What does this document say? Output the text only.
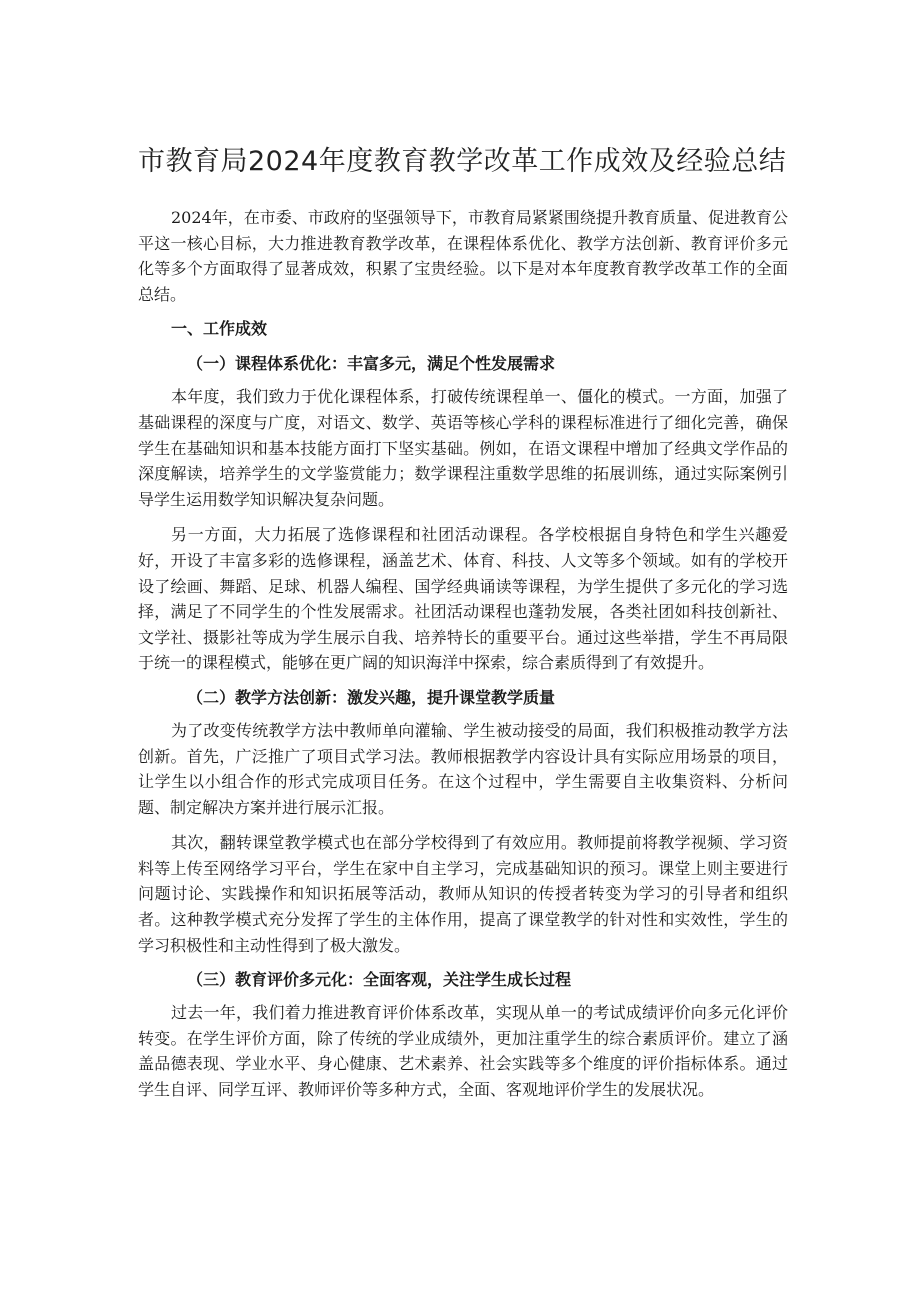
市教育局2024年度教育教学改革工作成效及经验总结

2024年，在市委、市政府的坚强领导下，市教育局紧紧围绕提升教育质量、促进教育公平这一核心目标，大力推进教育教学改革，在课程体系优化、教学方法创新、教育评价多元化等多个方面取得了显著成效，积累了宝贵经验。以下是对本年度教育教学改革工作的全面总结。

一、工作成效
（一）课程体系优化：丰富多元，满足个性发展需求

本年度，我们致力于优化课程体系，打破传统课程单一、僵化的模式。一方面，加强了基础课程的深度与广度，对语文、数学、英语等核心学科的课程标准进行了细化完善，确保学生在基础知识和基本技能方面打下坚实基础。例如，在语文课程中增加了经典文学作品的深度解读，培养学生的文学鉴赏能力；数学课程注重数学思维的拓展训练，通过实际案例引导学生运用数学知识解决复杂问题。

另一方面，大力拓展了选修课程和社团活动课程。各学校根据自身特色和学生兴趣爱好，开设了丰富多彩的选修课程，涵盖艺术、体育、科技、人文等多个领域。如有的学校开设了绘画、舞蹈、足球、机器人编程、国学经典诵读等课程，为学生提供了多元化的学习选择，满足了不同学生的个性发展需求。社团活动课程也蓬勃发展，各类社团如科技创新社、文学社、摄影社等成为学生展示自我、培养特长的重要平台。通过这些举措，学生不再局限于统一的课程模式，能够在更广阔的知识海洋中探索，综合素质得到了有效提升。

（二）教学方法创新：激发兴趣，提升课堂教学质量

为了改变传统教学方法中教师单向灌输、学生被动接受的局面，我们积极推动教学方法创新。首先，广泛推广了项目式学习法。教师根据教学内容设计具有实际应用场景的项目，让学生以小组合作的形式完成项目任务。在这个过程中，学生需要自主收集资料、分析问题、制定解决方案并进行展示汇报。

其次，翻转课堂教学模式也在部分学校得到了有效应用。教师提前将教学视频、学习资料等上传至网络学习平台，学生在家中自主学习，完成基础知识的预习。课堂上则主要进行问题讨论、实践操作和知识拓展等活动，教师从知识的传授者转变为学习的引导者和组织者。这种教学模式充分发挥了学生的主体作用，提高了课堂教学的针对性和实效性，学生的学习积极性和主动性得到了极大激发。

（三）教育评价多元化：全面客观，关注学生成长过程

过去一年，我们着力推进教育评价体系改革，实现从单一的考试成绩评价向多元化评价转变。在学生评价方面，除了传统的学业成绩外，更加注重学生的综合素质评价。建立了涵盖品德表现、学业水平、身心健康、艺术素养、社会实践等多个维度的评价指标体系。通过学生自评、同学互评、教师评价等多种方式，全面、客观地评价学生的发展状况。
